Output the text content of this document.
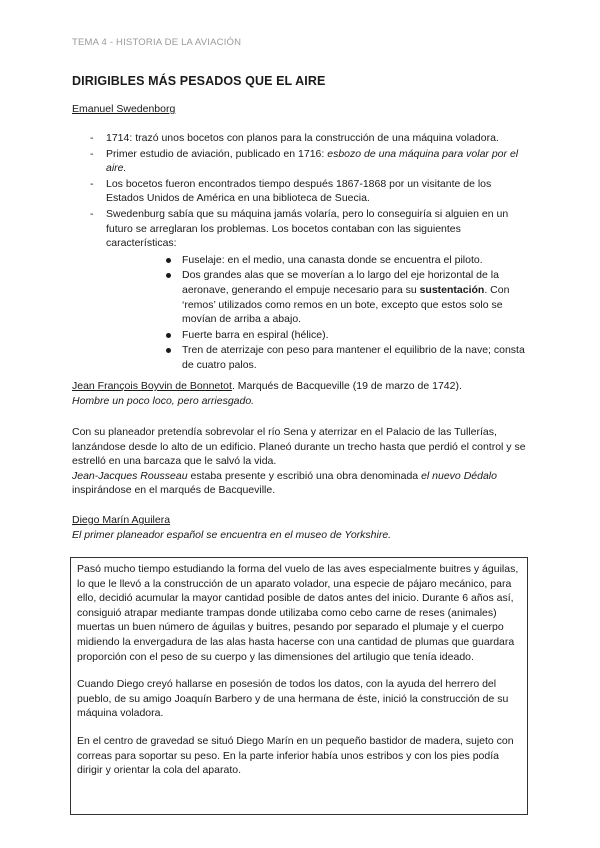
TEMA 4 - HISTORIA DE LA AVIACIÓN
DIRIGIBLES MÁS PESADOS QUE EL AIRE
Emanuel Swedenborg
- 1714: trazó unos bocetos con planos para la construcción de una máquina voladora.
- Primer estudio de aviación, publicado en 1716: esbozo de una máquina para volar por el aire.
- Los bocetos fueron encontrados tiempo después 1867-1868 por un visitante de los Estados Unidos de América en una biblioteca de Suecia.
- Swedenburg sabía que su máquina jamás volaría, pero lo conseguiría si alguien en un futuro se arreglaran los problemas. Los bocetos contaban con las siguientes características:
Fuselaje: en el medio, una canasta donde se encuentra el piloto.
Dos grandes alas que se moverían a lo largo del eje horizontal de la aeronave, generando el empuje necesario para su sustentación. Con ‘remos’ utilizados como remos en un bote, excepto que estos solo se movían de arriba a abajo.
Fuerte barra en espiral (hélice).
Tren de aterrizaje con peso para mantener el equilibrio de la nave; consta de cuatro palos.
Jean François Boyvin de Bonnetot. Marqués de Bacqueville (19 de marzo de 1742).
Hombre un poco loco, pero arriesgado.
Con su planeador pretendía sobrevolar el río Sena y aterrizar en el Palacio de las Tullerías, lanzándose desde lo alto de un edificio. Planeó durante un trecho hasta que perdió el control y se estrelló en una barcaza que le salvó la vida.
Jean-Jacques Rousseau estaba presente y escribió una obra denominada el nuevo Dédalo inspirándose en el marqués de Bacqueville.
Diego Marín Aguilera
El primer planeador español se encuentra en el museo de Yorkshire.

Pasó mucho tiempo estudiando la forma del vuelo de las aves especialmente buitres y águilas, lo que le llevó a la construcción de un aparato volador, una especie de pájaro mecánico, para ello, decidió acumular la mayor cantidad posible de datos antes del inicio. Durante 6 años así, consiguió atrapar mediante trampas donde utilizaba como cebo carne de reses (animales) muertas un buen número de águilas y buitres, pesando por separado el plumaje y el cuerpo midiendo la envergadura de las alas hasta hacerse con una cantidad de plumas que guardara proporción con el peso de su cuerpo y las dimensiones del artilugio que tenía ideado.

Cuando Diego creyó hallarse en posesión de todos los datos, con la ayuda del herrero del pueblo, de su amigo Joaquín Barbero y de una hermana de éste, inició la construcción de su máquina voladora.

En el centro de gravedad se situó Diego Marín en un pequeño bastidor de madera, sujeto con correas para soportar su peso. En la parte inferior había unos estribos y con los pies podía dirigir y orientar la cola del aparato.
